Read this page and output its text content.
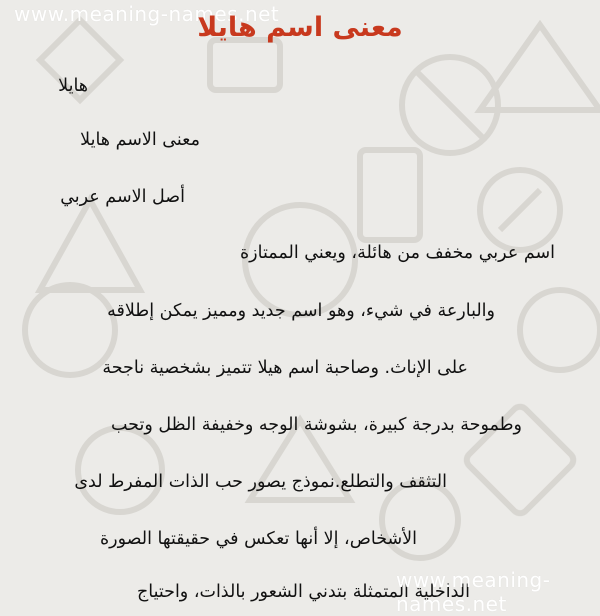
www.meaning-names.net
معنى اسم هايلا
هايلا
معنى الاسم هايلا
أصل الاسم عربي
اسم عربي مخفف من هائلة، ويعني الممتازة
والبارعة في شيء، وهو اسم جديد ومميز يمكن إطلاقه
على الإناث. وصاحبة اسم هيلا تتميز بشخصية ناجحة
وطموحة بدرجة كبيرة، بشوشة الوجه وخفيفة الظل وتحب
التثقف والتطلع.نموذج يصور حب الذات المفرط لدى
الأشخاص، إلا أنها تعكس في حقيقتها الصورة
الداخلية المتمثلة بتدني الشعور بالذات، واحتياج
www.meaning-names.net
